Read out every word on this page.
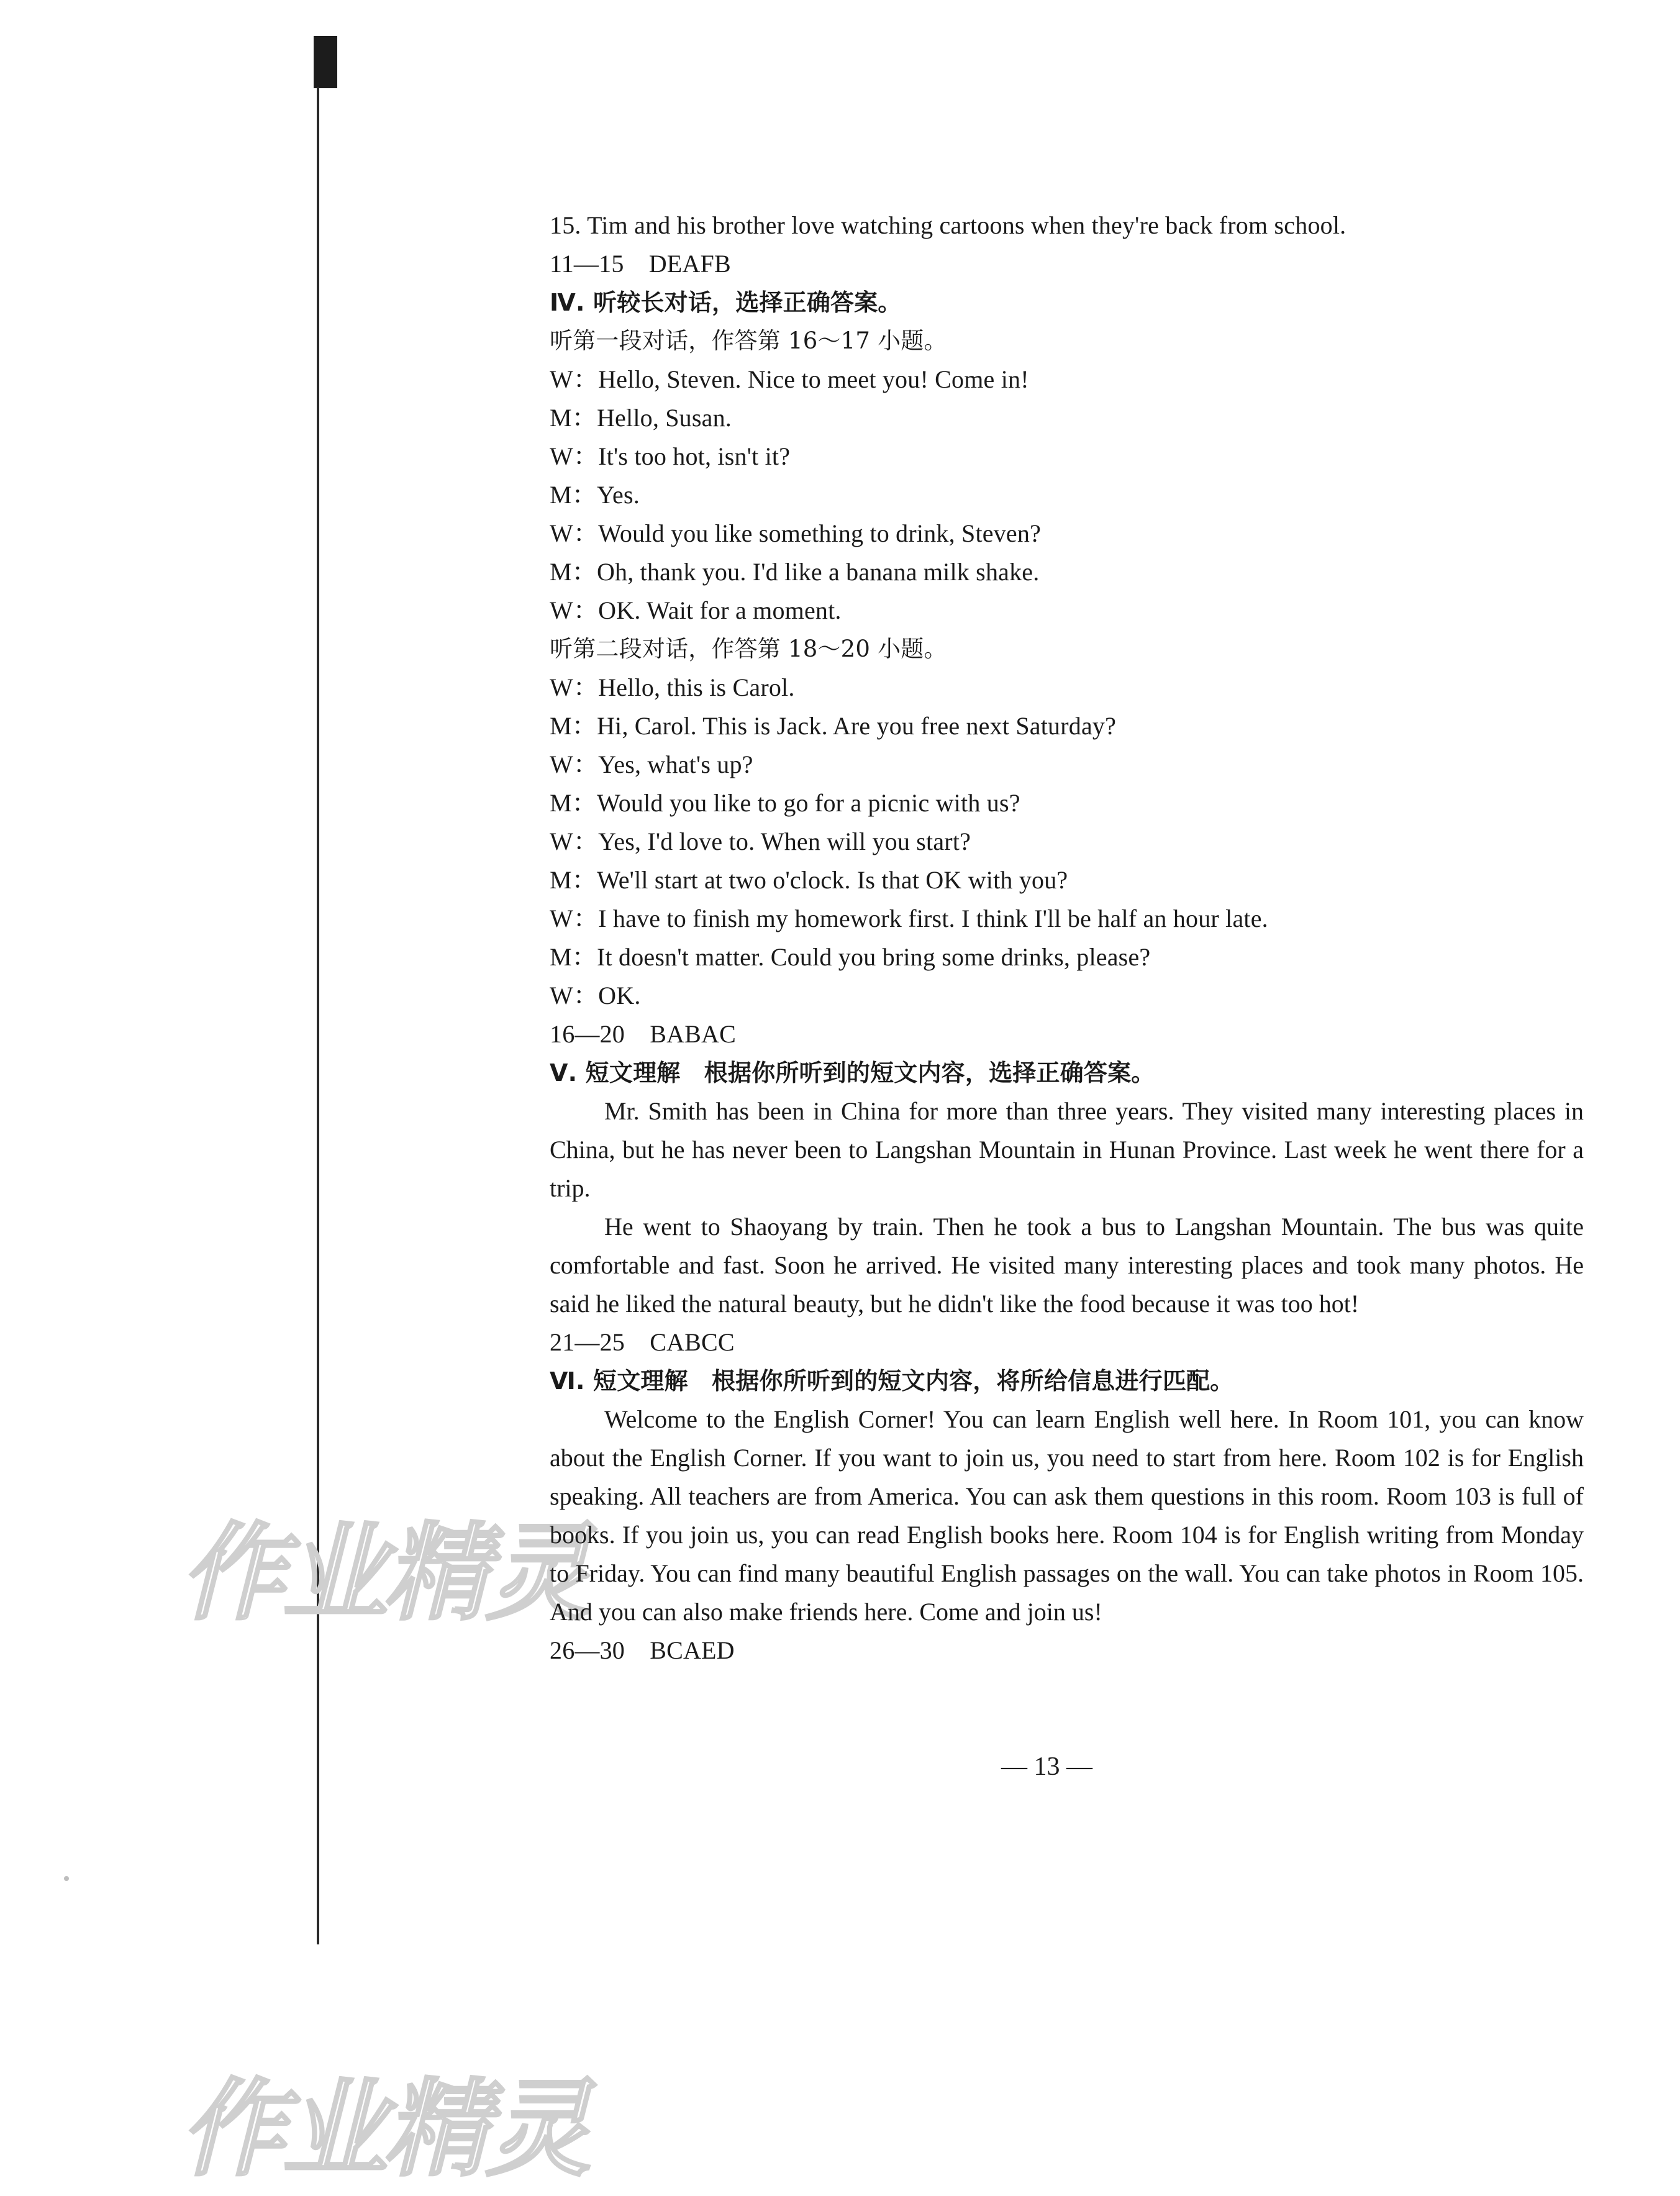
作业精灵
作业精灵
15. Tim and his brother love watching cartoons when they're back from school.
11—15　DEAFB
Ⅳ. 听较长对话，选择正确答案。
听第一段对话，作答第 16～17 小题。
W：Hello, Steven. Nice to meet you! Come in!
M：Hello, Susan.
W：It's too hot, isn't it?
M：Yes.
W：Would you like something to drink, Steven?
M：Oh, thank you. I'd like a banana milk shake.
W：OK. Wait for a moment.
听第二段对话，作答第 18～20 小题。
W：Hello, this is Carol.
M：Hi, Carol. This is Jack. Are you free next Saturday?
W：Yes, what's up?
M：Would you like to go for a picnic with us?
W：Yes, I'd love to. When will you start?
M：We'll start at two o'clock. Is that OK with you?
W：I have to finish my homework first. I think I'll be half an hour late.
M：It doesn't matter. Could you bring some drinks, please?
W：OK.
16—20　BABAC
Ⅴ. 短文理解　根据你所听到的短文内容，选择正确答案。

Mr. Smith has been in China for more than three years. They visited many interesting places in China, but he has never been to Langshan Mountain in Hunan Province. Last week he went there for a trip.

He went to Shaoyang by train. Then he took a bus to Langshan Mountain. The bus was quite comfortable and fast. Soon he arrived. He visited many interesting places and took many photos. He said he liked the natural beauty, but he didn't like the food because it was too hot!

21—25　CABCC
Ⅵ. 短文理解　根据你所听到的短文内容，将所给信息进行匹配。

Welcome to the English Corner! You can learn English well here. In Room 101, you can know about the English Corner. If you want to join us, you need to start from here. Room 102 is for English speaking. All teachers are from America. You can ask them questions in this room. Room 103 is full of books. If you join us, you can read English books here. Room 104 is for English writing from Monday to Friday. You can find many beautiful English passages on the wall. You can take photos in Room 105. And you can also make friends here. Come and join us!

26—30　BCAED
— 13 —
